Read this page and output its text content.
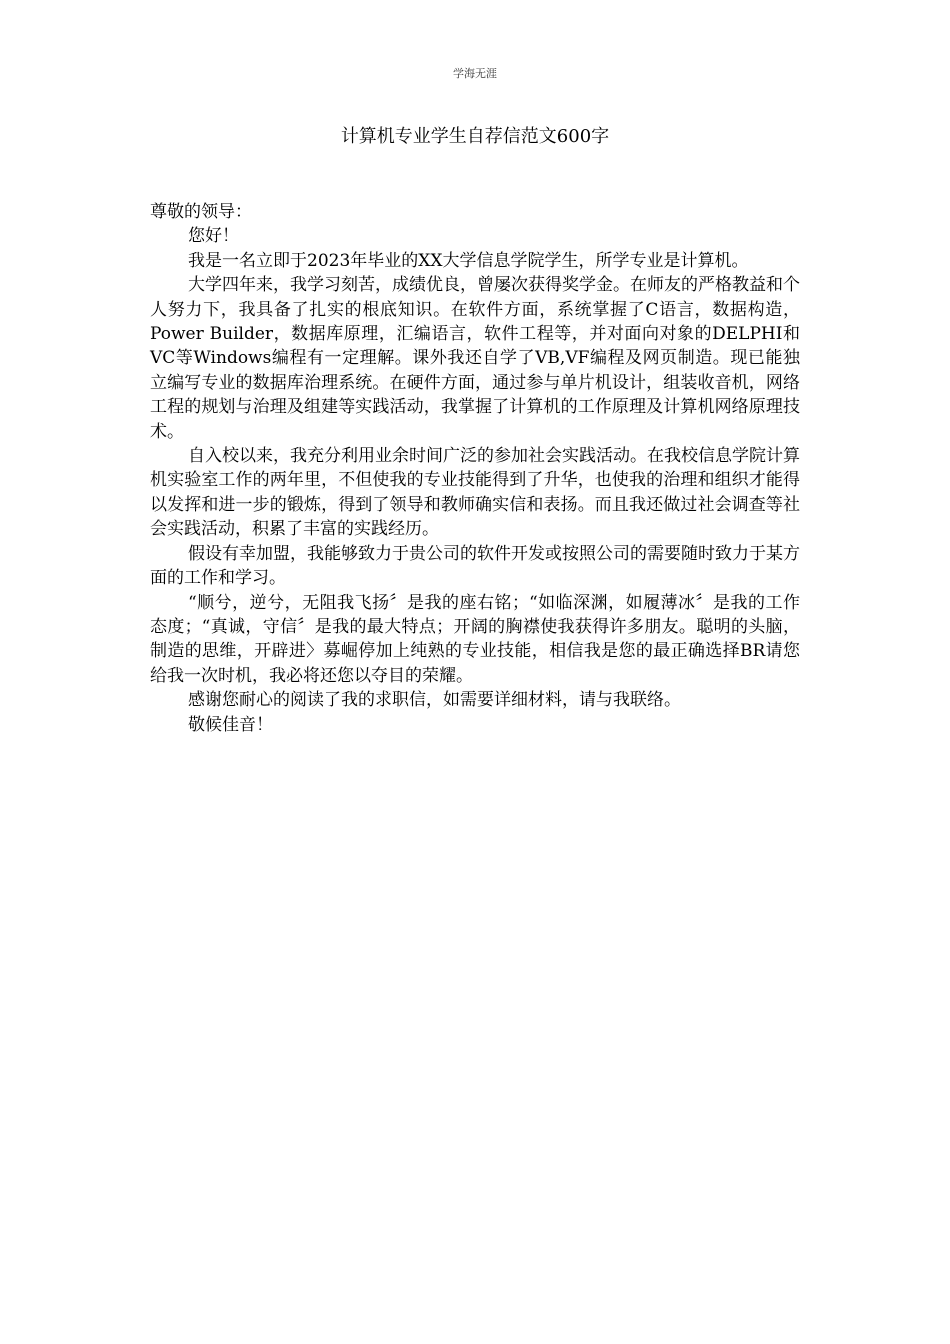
学海无涯
计算机专业学生自荐信范文600字

尊敬的领导：

您好！

我是一名立即于2023年毕业的XX大学信息学院学生，所学专业是计算机。

大学四年来，我学习刻苦，成绩优良，曾屡次获得奖学金。在师友的严格教益和个人努力下，我具备了扎实的根底知识。在软件方面，系统掌握了C语言，数据构造，Power Builder，数据库原理，汇编语言，软件工程等，并对面向对象的DELPHI和VC等Windows编程有一定理解。课外我还自学了VB,VF编程及网页制造。现已能独立编写专业的数据库治理系统。在硬件方面，通过参与单片机设计，组装收音机，网络工程的规划与治理及组建等实践活动，我掌握了计算机的工作原理及计算机网络原理技术。

自入校以来，我充分利用业余时间广泛的参加社会实践活动。在我校信息学院计算机实验室工作的两年里，不但使我的专业技能得到了升华，也使我的治理和组织才能得以发挥和进一步的锻炼，得到了领导和教师确实信和表扬。而且我还做过社会调查等社会实践活动，积累了丰富的实践经历。

假设有幸加盟，我能够致力于贵公司的软件开发或按照公司的需要随时致力于某方面的工作和学习。

“顺兮，逆兮，无阻我飞扬〞是我的座右铭；“如临深渊，如履薄冰〞是我的工作态度；“真诚，守信〞是我的最大特点；开阔的胸襟使我获得许多朋友。聪明的头脑，制造的思维，开辟进〉募崛停加上纯熟的专业技能，相信我是您的最正确选择BR请您给我一次时机，我必将还您以夺目的荣耀。

感谢您耐心的阅读了我的求职信，如需要详细材料，请与我联络。

敬候佳音！
